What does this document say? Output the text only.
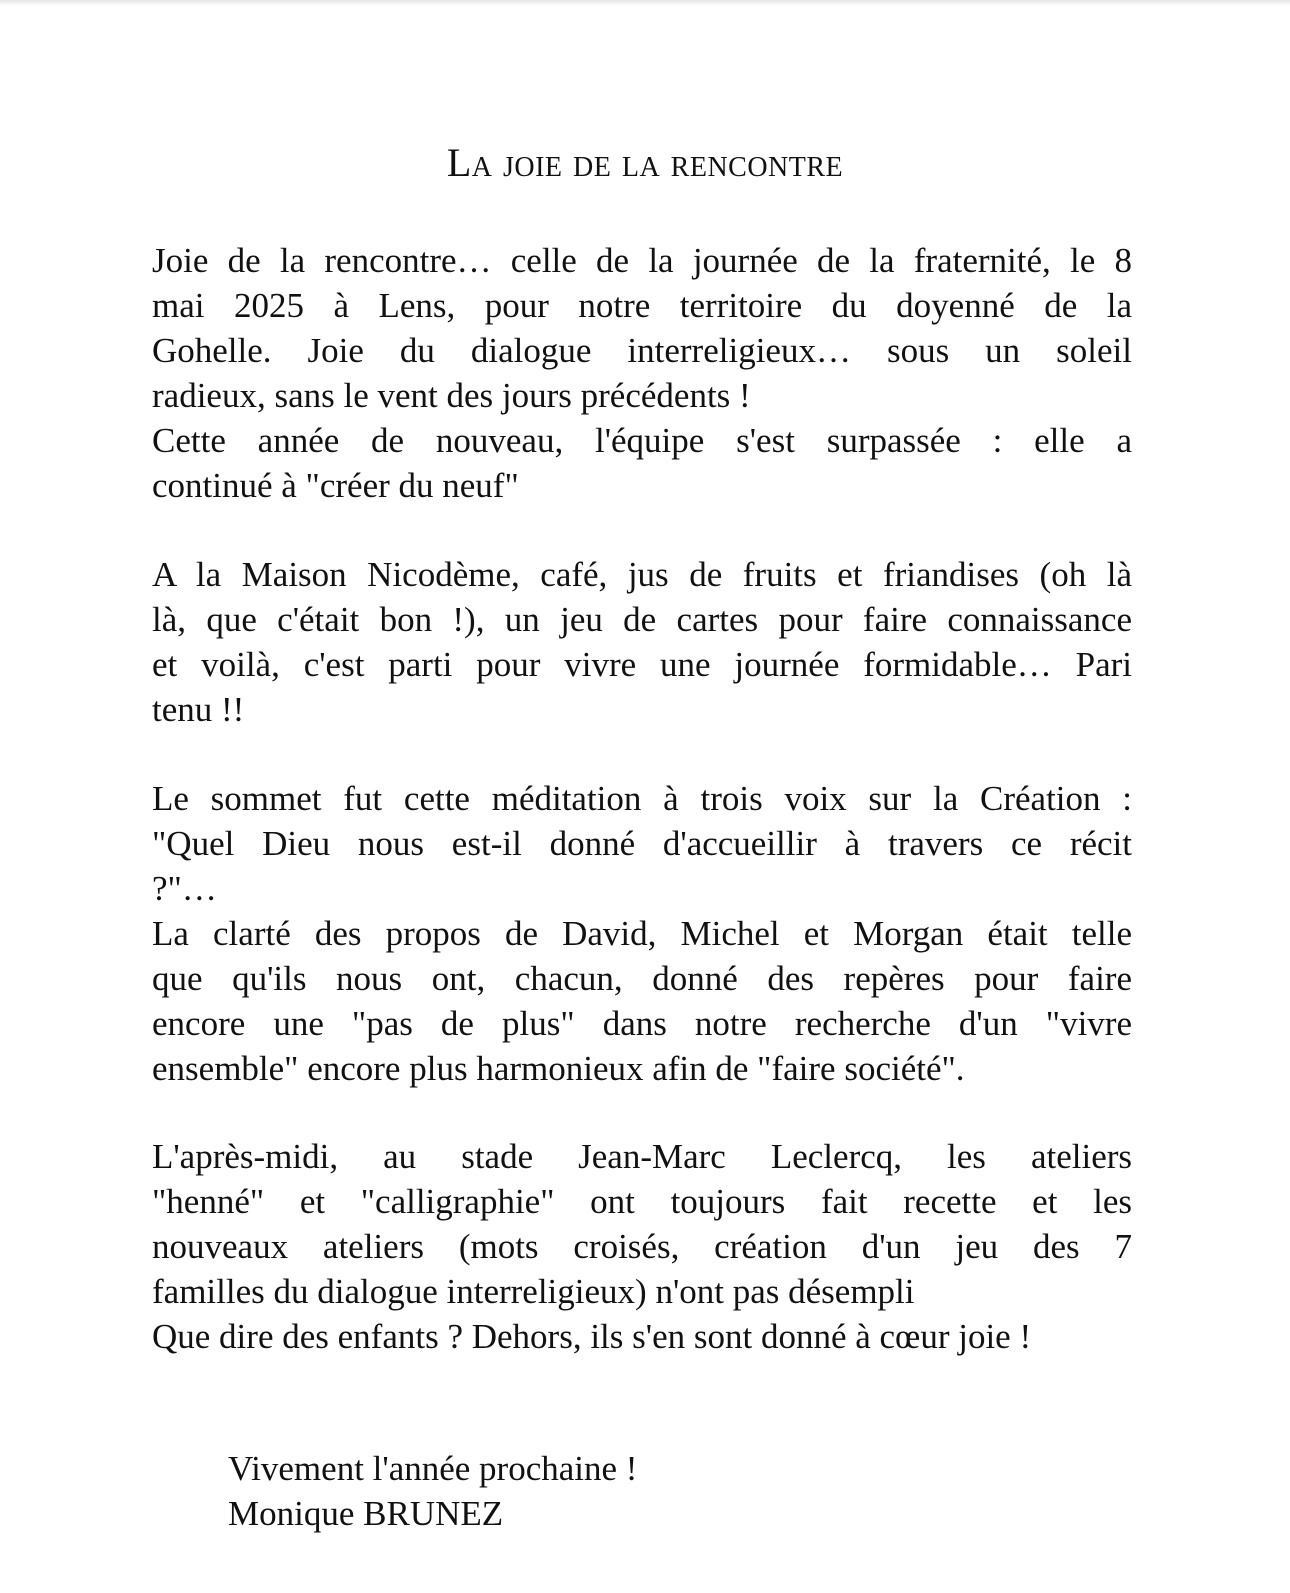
La joie de la rencontre
Joie de la rencontre… celle de la journée de la fraternité, le 8
mai 2025 à Lens, pour notre territoire du doyenné de la
Gohelle. Joie du dialogue interreligieux… sous un soleil
radieux, sans le vent des jours précédents !
Cette année de nouveau, l'équipe s'est surpassée : elle a
continué à "créer du neuf"
A la Maison Nicodème, café, jus de fruits et friandises (oh là
là, que c'était bon !), un jeu de cartes pour faire connaissance
et voilà, c'est parti pour vivre une journée formidable… Pari
tenu !!
Le sommet fut cette méditation à trois voix sur la Création :
"Quel Dieu nous est-il donné d'accueillir à travers ce récit
?"…
La clarté des propos de David, Michel et Morgan était telle
que qu'ils nous ont, chacun, donné des repères pour faire
encore une "pas de plus" dans notre recherche d'un "vivre
ensemble" encore plus harmonieux afin de "faire société".
L'après-midi, au stade Jean-Marc Leclercq, les ateliers
"henné" et "calligraphie" ont toujours fait recette et les
nouveaux ateliers (mots croisés, création d'un jeu des 7
familles du dialogue interreligieux) n'ont pas désempli
Que dire des enfants ? Dehors, ils s'en sont donné à cœur joie !
Vivement l'année prochaine !
Monique BRUNEZ
